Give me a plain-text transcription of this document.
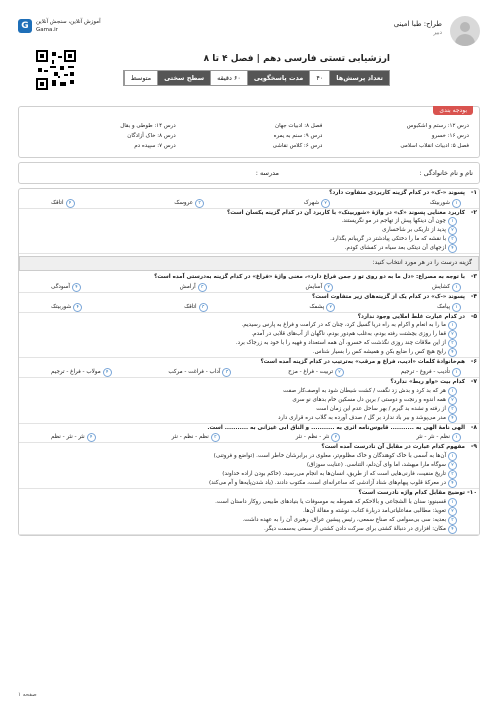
طراح: طبا امینی
دبیر
G	آموزش آنلاین، سنجش آنلاین
Gama.ir
ارزشیابی تستی فارسی دهم | فصل ۴ تا ۸
تعداد پرسش‌ها
۴۰
مدت پاسخگویی
۶۰ دقیقه
سطح سختی
متوسط
بودجه بندی
درس ۱۲: رستم و اشکبوس
فصل ۸: ادبیات جهان
درس ۱۴: طوطی و بقال
درس ۱۶: خسرو
درس ۹: سنم به یمره
درس ۸: خاک آزادگان
فصل ۵: ادبیات انقلاب اسلامی
درس ۶: کلاس نقاشی
درس ۷: سپیده دم
نام و نام خانوادگی :
مدرسه :
۱-
پسوند «-ک» در کدام گزینه کاربردی متفاوت دارد؟
۱شوربیتک
۲شهرک
۳عروسک
۴اتاقک
۲-
کاربرد معنایی پسوند «ک» در واژهٔ «شوربیتک» با کاربرد آن در کدام گزینه یکسان است؟
۱چون آن دینکها پیش از تهاجم در مو نگریستند.
۲پدید از تاریکی بر شاخساری
۳با نقشه که ما را دختکی پیادشتر در گریبانم بگذارد.
۴ازجهای آن دیتکی بعد سیاه در کفشای کودم.
گزینه درست را در هر مورد انتخاب کنید:
۳-
با توجه به مصراع: «دل ما به دو روی تو ز جمن فراغ دارد»، معنی واژهٔ «فراغ» در کدام گزینه به‌درستی آمده است؟
۱کشایش
۲آسایش
۳آرامش
۴آسودگی
۴-
پسوند «-ک» در کدام یک از گزینه‌های زیر متفاوت است؟
۱پیامک
۲پشمک
۳اتاقک
۴شوربیتک
۵-
در کدام عبارت غلط املایی وجود ندارد؟
۱ما را به انعام و اکرام به راه دریا گسیل کرد، چنان که در کرامت و فراغ به پارس رسیدیم.
۲قفا را روزی بچشتت رفته بودم، به‌غلب هم‌دور بودم، ناگهان از آب‌های قلابی در آمدم.
۳از این ملاقات چند روزی نگذشت که خسرو، آن همه استعداد و فهیه را با خود به زرجاک برد.
۴رایح هیچ کس را ضایع بکن و همیشه کس را بسیار شناس.
۶-
هم‌خانوادهٔ کلمات «ادیب، فراغ و مرقب» به‌ترتیب در کدام گزینه آمده است؟
۱تأدیب - فروغ - ترجیم
۲تربیت - فراغ - مزح
۳آداب - فراغت - مرکب
۴مولاب - فراغ - ترجیم
۷-
کدام بیت «واو ربط» ندارد؟
۱هر که بد کرد و بدش زد نگفت / کشت شیطان شود به اوصف‌کار صفت
۲همه اندوه و رنجت و دوستی / برین دل مسکین خام بدهای نو سری
۳از رفته و نشده بد گیرم / بهر ساحل عدم این زمان است
۴مدر می‌پوشد و ببر باد ندارد بر گل / صدف آورده به گلاب دره قراری دارد
۸-
الهی نامهٔ الهی به ........... قابوس‌نامه اثری به ........... و الناق ابی غیزانی به ........... است.
۱نظم - نثر - نثر
۲نثر - نظم - نثر
۳نظم - نظم - نثر
۴نثر - نثر - نظم
۹-
مفهوم کدام عبارت در مقابل آن نادرست آمده است؟
۱آن‌ها به آسمی با خاک کوهندگان و خاک مظلوم‌تر، معلوی در برابرشان خاطر است. (تواضع و فروتنی)
۲سوگاه مارا میهشد، اما وای آن‌دلم، التناسی. (عنایت سوزاق)
۳تاریخ منفیت، فارنی‌هایی است که از طریق، انسان‌ها به انجام می‌رسید. (حاکم بودن اراده خداوند)
۴در معرکهٔ قلوب پیهام‌های شناد آزادشی که ساعرانه‌ای است، مکتوب دادند. (یاد شدن‌پایه‌ها و آم می‌کند)
۱۰-
توضیح مقابل کدام واژه نادرست است؟
۱قسبنوو: سنان با الشجاعی و بالاحکم که هموطه به موسوفات یا بنیادهای ط‌بیعی روکار داستان است.
۲تعویذ: مطالبی مفاعلیاتی‌امد دربارهٔ کتاب، نوشته و مقالهٔ آن‌ها.
۳بعدیه: سی بی‌سوامی که صناع سمعی، رئیس پیشین عراق، رهبری آن را به عهده داشت.
۴مکان: افزاری در دنبالهٔ کشتی برای سرکت دادن کشتی از سمتی به‌سمت دیگر.
صفحه ۱
